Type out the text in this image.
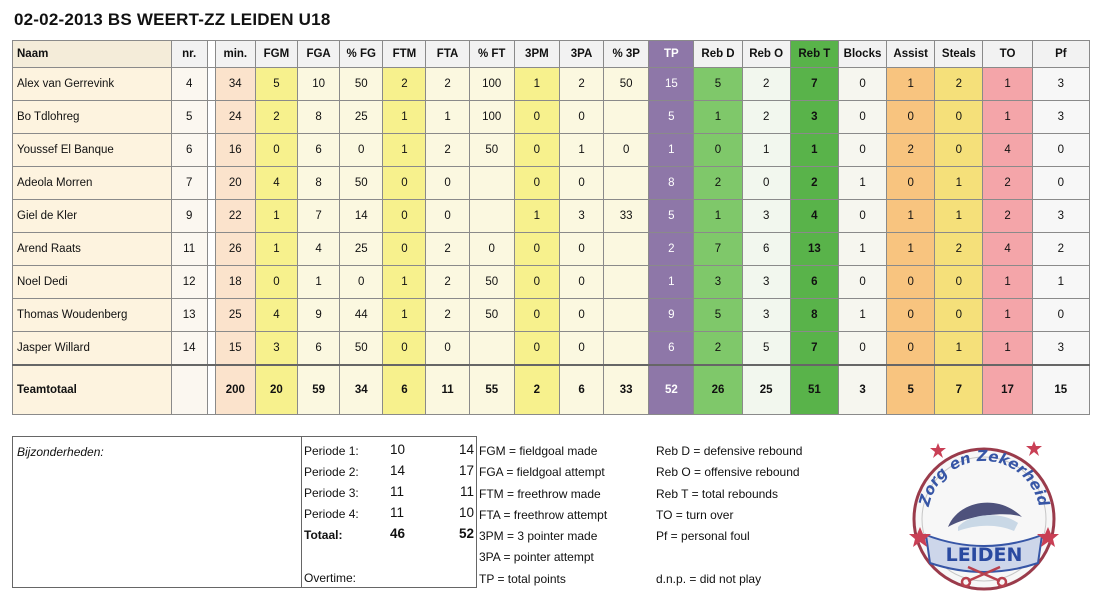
02-02-2013 BS WEERT-ZZ LEIDEN U18
Naam	nr.		min.	FGM	FGA	% FG	FTM	FTA	% FT	3PM	3PA	% 3P	TP	Reb D	Reb O	Reb T	Blocks	Assist	Steals	TO	Pf
Alex van Gerrevink	4		34	5	10	50	2	2	100	1	2	50	15	5	2	7	0	1	2	1	3
Bo Tdlohreg	5		24	2	8	25	1	1	100	0	0		5	1	2	3	0	0	0	1	3
Youssef El Banque	6		16	0	6	0	1	2	50	0	1	0	1	0	1	1	0	2	0	4	0
Adeola Morren	7		20	4	8	50	0	0		0	0		8	2	0	2	1	0	1	2	0
Giel de Kler	9		22	1	7	14	0	0		1	3	33	5	1	3	4	0	1	1	2	3
Arend Raats	11		26	1	4	25	0	2	0	0	0		2	7	6	13	1	1	2	4	2
Noel Dedi	12		18	0	1	0	1	2	50	0	0		1	3	3	6	0	0	0	1	1
Thomas Woudenberg	13		25	4	9	44	1	2	50	0	0		9	5	3	8	1	0	0	1	0
Jasper Willard	14		15	3	6	50	0	0		0	0		6	2	5	7	0	0	1	1	3
Teamtotaal			200	20	59	34	6	11	55	2	6	33	52	26	25	51	3	5	7	17	15
Bijzonderheden:
Overtime:
Periode 1: 10	14
Periode 2: 14	17
Periode 3: 11	11
Periode 4: 11	10
Totaal:	46	52
FGM = fieldgoal made
FGA = fieldgoal attempt
FTM = freethrow made
FTA = freethrow attempt
3PM = 3 pointer made
3PA = pointer attempt
TP = total points
Reb D = defensive rebound
Reb O = offensive rebound
Reb T = total rebounds
TO = turn over
Pf = personal foul
d.n.p. = did not play
Zorg en Zekerheid
LEIDEN
